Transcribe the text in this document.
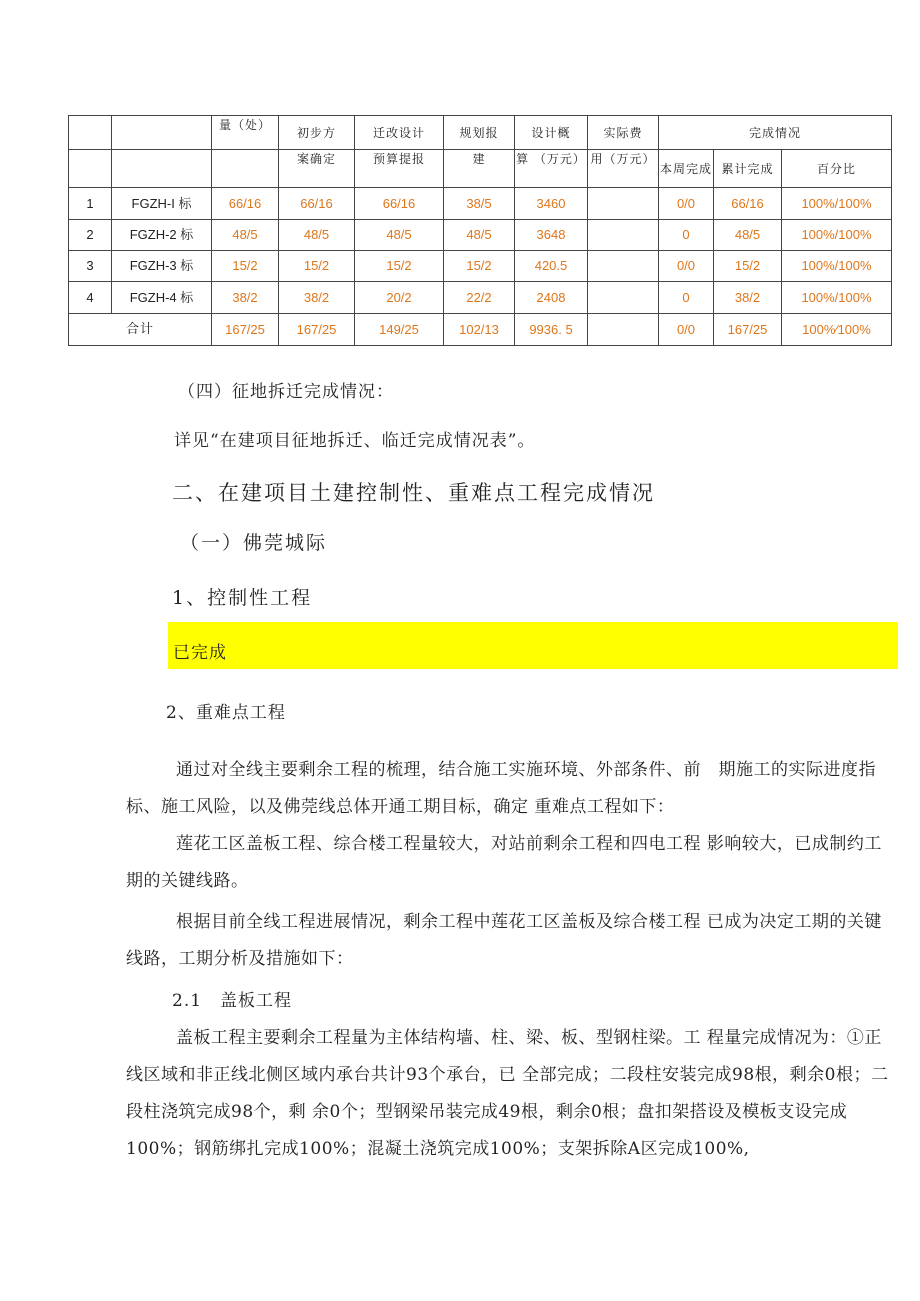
		量（处）	初步方	迁改设计	规划报	设计概	实际费	完成情况		
			案确定	预算提报	建	算 （万元）	用（万元）	本周完成	累计完成	百分比
1	FGZH-I 标	66/16	66/16	66/16	38/5	3460		0/0	66/16	100%/100%
2	FGZH-2 标	48/5	48/5	48/5	48/5	3648		0	48/5	100%/100%
3	FGZH-3 标	15/2	15/2	15/2	15/2	420.5		0/0	15/2	100%/100%
4	FGZH-4 标	38/2	38/2	20/2	22/2	2408		0	38/2	100%/100%
合计		167/25	167/25	149/25	102/13	9936. 5		0/0	167/25	100%⁄100%

（四）征地拆迁完成情况：

详见“在建项目征地拆迁、临迁完成情况表”。

二、在建项目土建控制性、重难点工程完成情况

（一）佛莞城际

1、控制性工程

已完成

2、重难点工程

通过对全线主要剩余工程的梳理，结合施工实施环境、外部条件、前　期施工的实际进度指标、施工风险，以及佛莞线总体开通工期目标，确定 重难点工程如下：

莲花工区盖板工程、综合楼工程量较大，对站前剩余工程和四电工程 影响较大，已成制约工期的关键线路。

根据目前全线工程进展情况，剩余工程中莲花工区盖板及综合楼工程 已成为决定工期的关键线路，工期分析及措施如下：

2.1　盖板工程

盖板工程主要剩余工程量为主体结构墙、柱、梁、板、型钢柱梁。工 程量完成情况为：①正线区域和非正线北侧区域内承台共计93个承台，已 全部完成；二段柱安装完成98根，剩余0根；二段柱浇筑完成98个，剩 余0个；型钢梁吊装完成49根，剩余0根；盘扣架搭设及模板支设完成 100%；钢筋绑扎完成100%；混凝土浇筑完成100%；支架拆除A区完成100%,
